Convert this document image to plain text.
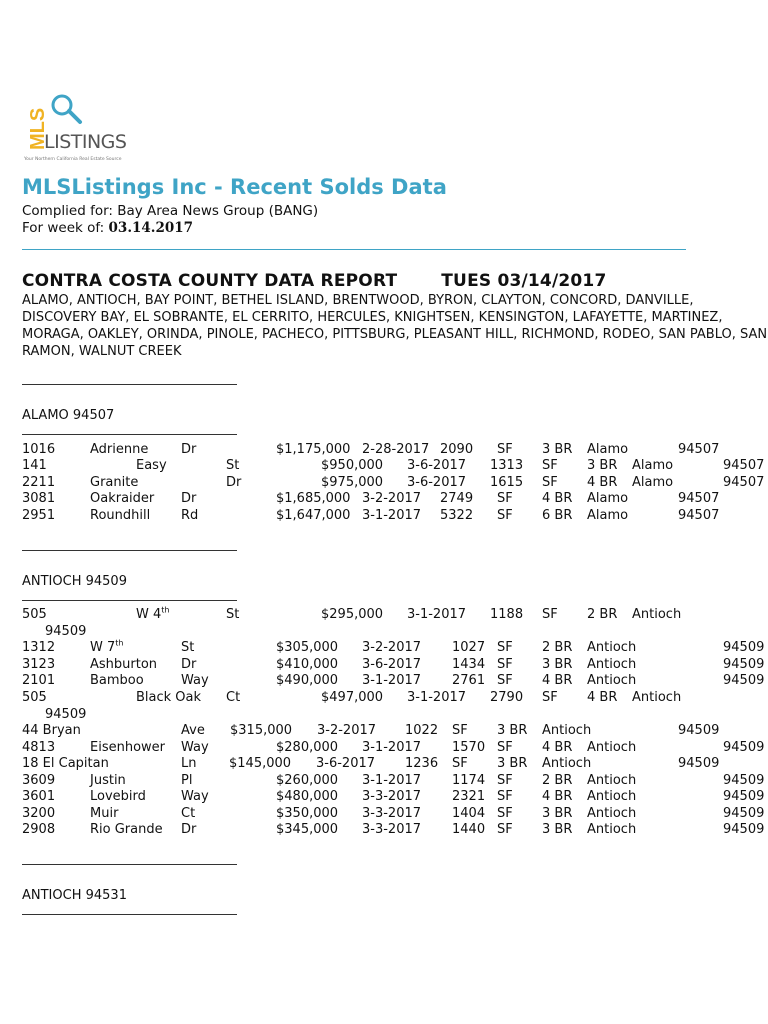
MLS
LISTINGS
Your Northern California Real Estate Source
MLSListings Inc - Recent Solds Data
Complied for: Bay Area News Group (BANG)
For week of: 03.14.2017
CONTRA COSTA COUNTY DATA REPORT	TUES 03/14/2017
ALAMO, ANTIOCH, BAY POINT, BETHEL ISLAND, BRENTWOOD, BYRON, CLAYTON, CONCORD, DANVILLE, DISCOVERY BAY, EL SOBRANTE, EL CERRITO, HERCULES, KNIGHTSEN, KENSINGTON, LAFAYETTE, MARTINEZ, MORAGA, OAKLEY, ORINDA, PINOLE, PACHECO, PITTSBURG, PLEASANT HILL, RICHMOND, RODEO, SAN PABLO, SAN RAMON, WALNUT CREEK
ALAMO 94507
1016	Adrienne	Dr	$1,175,000 2-28-2017 2090 SF 3 BR Alamo	94507
141	Easy	St	$950,000 3-6-2017 1313 SF 3 BR Alamo	94507
2211	Granite	Dr	$975,000 3-6-2017 1615 SF 4 BR Alamo	94507
3081	Oakraider Dr	$1,685,000 3-2-2017 2749 SF 4 BR Alamo	94507
2951	Roundhill Rd	$1,647,000 3-1-2017 5322 SF 6 BR Alamo	94507
ANTIOCH 94509
505	W 4th	St	$295,000 3-1-2017 1188 SF 2 BR Antioch
94509
1312	W 7th	St	$305,000 3-2-2017 1027 SF 2 BR Antioch	94509
3123	Ashburton Dr	$410,000 3-6-2017 1434 SF 3 BR Antioch	94509
2101	Bamboo	Way	$490,000 3-1-2017 2761 SF 4 BR Antioch	94509
505	Black Oak Ct	$497,000 3-1-2017 2790 SF 4 BR Antioch
94509
44 Bryan	Ave $315,000 3-2-2017 1022 SF 3 BR Antioch	94509
4813	Eisenhower Way	$280,000 3-1-2017 1570 SF 4 BR Antioch	94509
18 El Capitan	Ln	$145,000 3-6-2017 1236 SF 3 BR Antioch	94509
3609	Justin	Pl	$260,000 3-1-2017 1174 SF 2 BR Antioch	94509
3601	Lovebird	Way	$480,000 3-3-2017 2321 SF 4 BR Antioch	94509
3200	Muir	Ct	$350,000 3-3-2017 1404 SF 3 BR Antioch	94509
2908	Rio Grande Dr	$345,000 3-3-2017 1440 SF 3 BR Antioch	94509
ANTIOCH 94531
